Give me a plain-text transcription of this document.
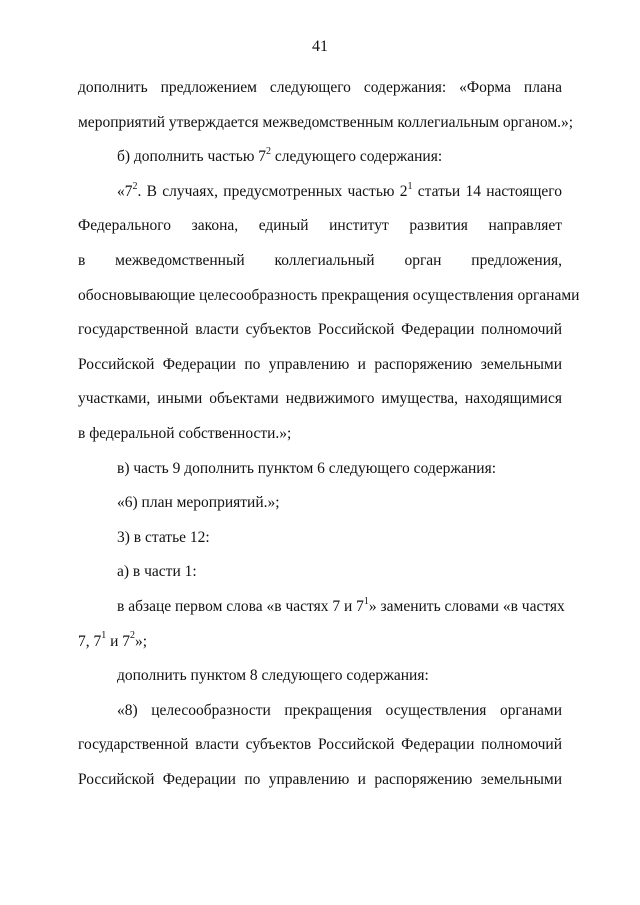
41
дополнить предложением следующего содержания: «Форма плана
мероприятий утверждается межведомственным коллегиальным органом.»;
б) дополнить частью $7^2$ следующего содержания:
«$7^2$. В случаях, предусмотренных частью $2^1$ статьи 14 настоящего
Федерального закона, единый институт развития направляет
в межведомственный коллегиальный орган предложения,
обосновывающие целесообразность прекращения осуществления органами
государственной власти субъектов Российской Федерации полномочий
Российской Федерации по управлению и распоряжению земельными
участками, иными объектами недвижимого имущества, находящимися
в федеральной собственности.»;
в) часть 9 дополнить пунктом 6 следующего содержания:
«6) план мероприятий.»;
3) в статье 12:
а) в части 1:
в абзаце первом слова «в частях 7 и $7^1$» заменить словами «в частях
7, $7^1$ и $7^2$»;
дополнить пунктом 8 следующего содержания:
«8) целесообразности прекращения осуществления органами
государственной власти субъектов Российской Федерации полномочий
Российской Федерации по управлению и распоряжению земельными
